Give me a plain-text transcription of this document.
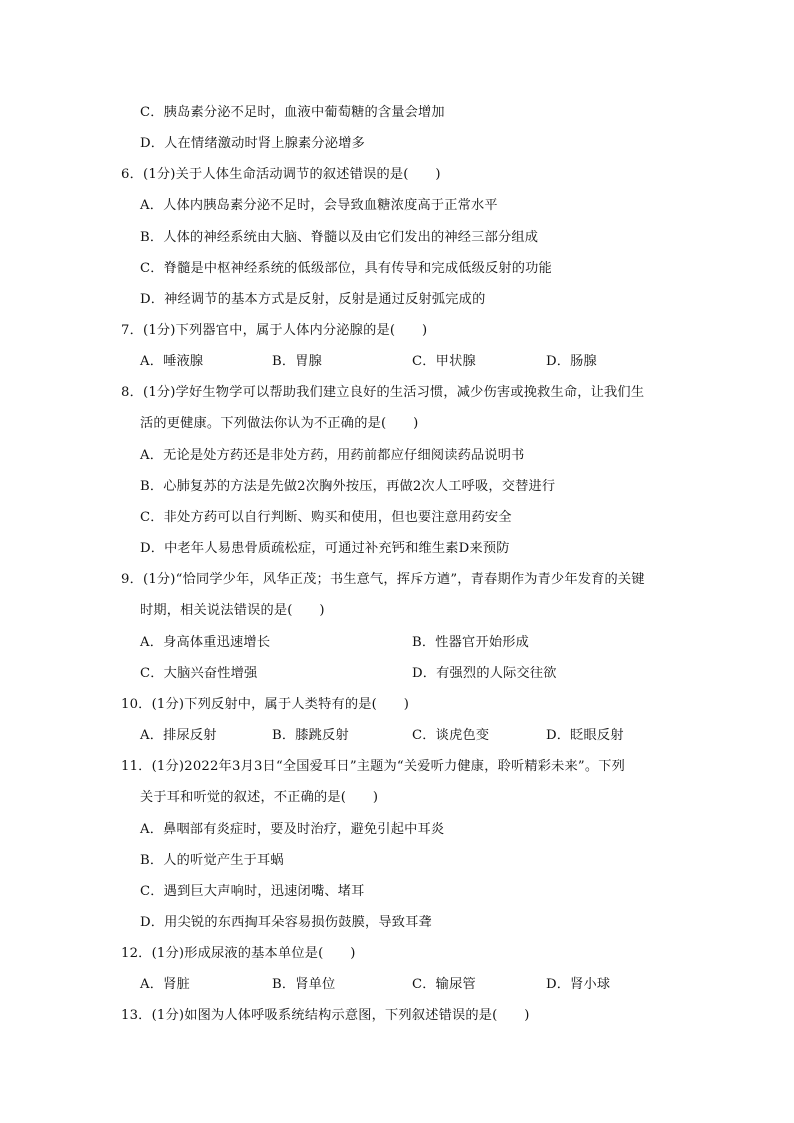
C．胰岛素分泌不足时，血液中葡萄糖的含量会增加
D．人在情绪激动时肾上腺素分泌增多
6．(1分)关于人体生命活动调节的叙述错误的是(　　)
A．人体内胰岛素分泌不足时，会导致血糖浓度高于正常水平
B．人体的神经系统由大脑、脊髓以及由它们发出的神经三部分组成
C．脊髓是中枢神经系统的低级部位，具有传导和完成低级反射的功能
D．神经调节的基本方式是反射，反射是通过反射弧完成的
7．(1分)下列器官中，属于人体内分泌腺的是(　　)
A．唾液腺	B．胃腺	C．甲状腺	D．肠腺
8．(1分)学好生物学可以帮助我们建立良好的生活习惯，减少伤害或挽救生命，让我们生
活的更健康。下列做法你认为不正确的是(　　)
A．无论是处方药还是非处方药，用药前都应仔细阅读药品说明书
B．心肺复苏的方法是先做2次胸外按压，再做2次人工呼吸，交替进行
C．非处方药可以自行判断、购买和使用，但也要注意用药安全
D．中老年人易患骨质疏松症，可通过补充钙和维生素D来预防
9．(1分)“恰同学少年，风华正茂；书生意气，挥斥方遒”，青春期作为青少年发育的关键
时期，相关说法错误的是(　　)
A．身高体重迅速增长	B．性器官开始形成
C．大脑兴奋性增强	D．有强烈的人际交往欲
10．(1分)下列反射中，属于人类特有的是(　　)
A．排尿反射	B．膝跳反射	C．谈虎色变	D．眨眼反射
11．(1分)2022年3月3日“全国爱耳日”主题为“关爱听力健康，聆听精彩未来”。下列
关于耳和听觉的叙述，不正确的是(　　)
A．鼻咽部有炎症时，要及时治疗，避免引起中耳炎
B．人的听觉产生于耳蜗
C．遇到巨大声响时，迅速闭嘴、堵耳
D．用尖锐的东西掏耳朵容易损伤鼓膜，导致耳聋
12．(1分)形成尿液的基本单位是(　　)
A．肾脏	B．肾单位	C．输尿管	D．肾小球
13．(1分)如图为人体呼吸系统结构示意图，下列叙述错误的是(　　)
